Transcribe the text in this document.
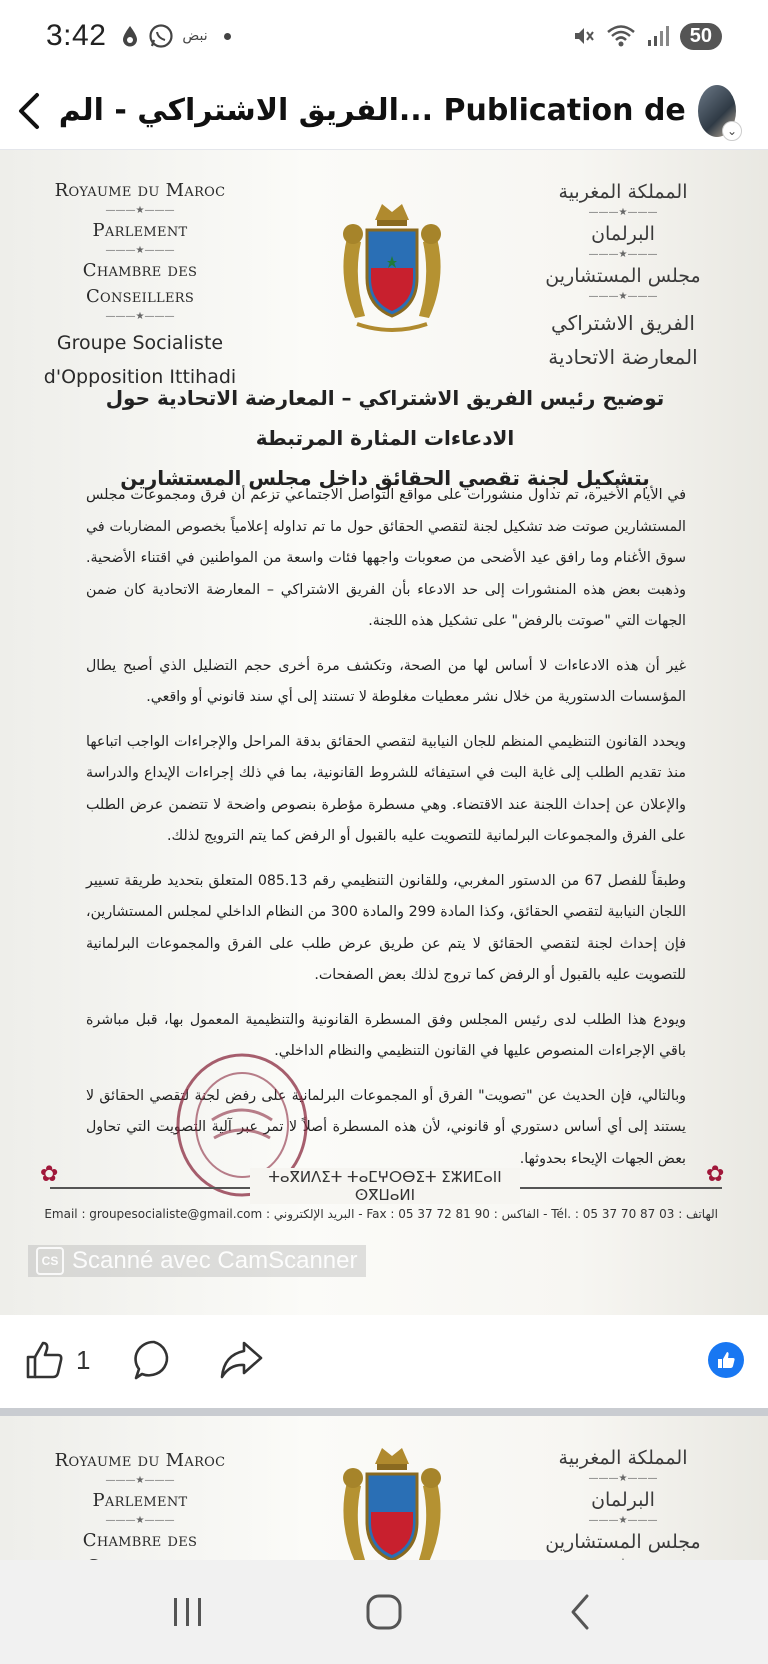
3:42	نبض	50
الفريق الاشتراكي - الم... Publication de
⌄
Royaume du Maroc
———★———
Parlement
———★———
Chambre des Conseillers
———★———
Groupe Socialiste
d'Opposition Ittihadi
المملكة المغربية
———★———
البرلمان
———★———
مجلس المستشارين
———★———
الفريق الاشتراكي
المعارضة الاتحادية
توضيح رئيس الفريق الاشتراكي – المعارضة الاتحادية حول الادعاءات المثارة المرتبطة
بتشكيل لجنة تقصي الحقائق داخل مجلس المستشارين

في الأيام الأخيرة، تم تداول منشورات على مواقع التواصل الاجتماعي تزعم أن فرق ومجموعات مجلس المستشارين صوتت ضد تشكيل لجنة لتقصي الحقائق حول ما تم تداوله إعلامياً بخصوص المضاربات في سوق الأغنام وما رافق عيد الأضحى من صعوبات واجهها فئات واسعة من المواطنين في اقتناء الأضحية. وذهبت بعض هذه المنشورات إلى حد الادعاء بأن الفريق الاشتراكي – المعارضة الاتحادية كان ضمن الجهات التي "صوتت بالرفض" على تشكيل هذه اللجنة.

غير أن هذه الادعاءات لا أساس لها من الصحة، وتكشف مرة أخرى حجم التضليل الذي أصبح يطال المؤسسات الدستورية من خلال نشر معطيات مغلوطة لا تستند إلى أي سند قانوني أو واقعي.

ويحدد القانون التنظيمي المنظم للجان النيابية لتقصي الحقائق بدقة المراحل والإجراءات الواجب اتباعها منذ تقديم الطلب إلى غاية البت في استيفائه للشروط القانونية، بما في ذلك إجراءات الإيداع والدراسة والإعلان عن إحداث اللجنة عند الاقتضاء. وهي مسطرة مؤطرة بنصوص واضحة لا تتضمن عرض الطلب على الفرق والمجموعات البرلمانية للتصويت عليه بالقبول أو الرفض كما يتم الترويج لذلك.

وطبقاً للفصل 67 من الدستور المغربي، وللقانون التنظيمي رقم 085.13 المتعلق بتحديد طريقة تسيير اللجان النيابية لتقصي الحقائق، وكذا المادة 299 والمادة 300 من النظام الداخلي لمجلس المستشارين، فإن إحداث لجنة لتقصي الحقائق لا يتم عن طريق عرض طلب على الفرق والمجموعات البرلمانية للتصويت عليه بالقبول أو الرفض كما تروج لذلك بعض الصفحات.

ويودع هذا الطلب لدى رئيس المجلس وفق المسطرة القانونية والتنظيمية المعمول بها، قبل مباشرة باقي الإجراءات المنصوص عليها في القانون التنظيمي والنظام الداخلي.

وبالتالي، فإن الحديث عن "تصويت" الفرق أو المجموعات البرلمانية على رفض لجنة لتقصي الحقائق لا يستند إلى أي أساس دستوري أو قانوني، لأن هذه المسطرة أصلاً لا تمر عبر آلية التصويت التي تحاول بعض الجهات الإيحاء بحدوثها.

✿	✿
ⵜⴰⴳⵍⴷⵉⵜ ⵜⴰⵎⵖⵔⴱⵉⵜ ⵉⵣⵍⵎⴰⵏⵏ ⵙⴳⵡⴰⵍⵏ
الهاتف : Tél. : 05 37 70 87 03 - الفاكس : Fax : 05 37 72 81 90 - البريد الإلكتروني : Email : groupesocialiste@gmail.com
CS Scanné avec CamScanner
1
Royaume du Maroc
———★———
Parlement
———★———
Chambre des
المملكة المغربية
———★———
البرلمان
———★———
مجلس المستشارين
